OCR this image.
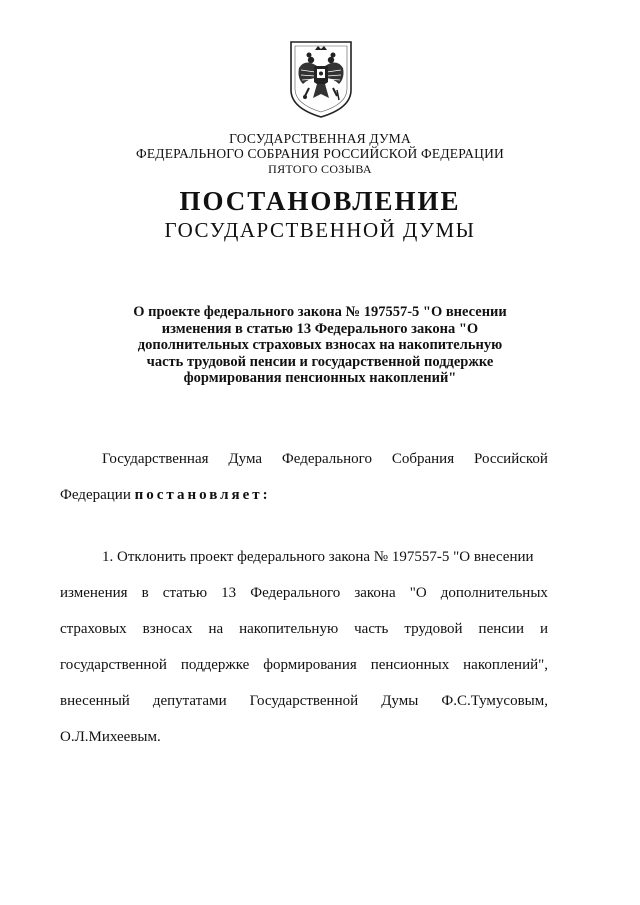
ГОСУДАРСТВЕННАЯ ДУМА
ФЕДЕРАЛЬНОГО СОБРАНИЯ РОССИЙСКОЙ ФЕДЕРАЦИИ
ПЯТОГО СОЗЫВА
ПОСТАНОВЛЕНИЕ
ГОСУДАРСТВЕННОЙ ДУМЫ
О проекте федерального закона № 197557-5 "О внесении
изменения в статью 13 Федерального закона "О
дополнительных страховых взносах на накопительную
часть трудовой пенсии и государственной поддержке
формирования пенсионных накоплений"
Государственная Дума Федерального Собрания Российской
Федерации постановляет:
1. Отклонить проект федерального закона № 197557-5 "О внесении
изменения в статью 13 Федерального закона "О дополнительных
страховых взносах на накопительную часть трудовой пенсии и
государственной поддержке формирования пенсионных накоплений",
внесенный депутатами Государственной Думы Ф.С.Тумусовым,
О.Л.Михеевым.
